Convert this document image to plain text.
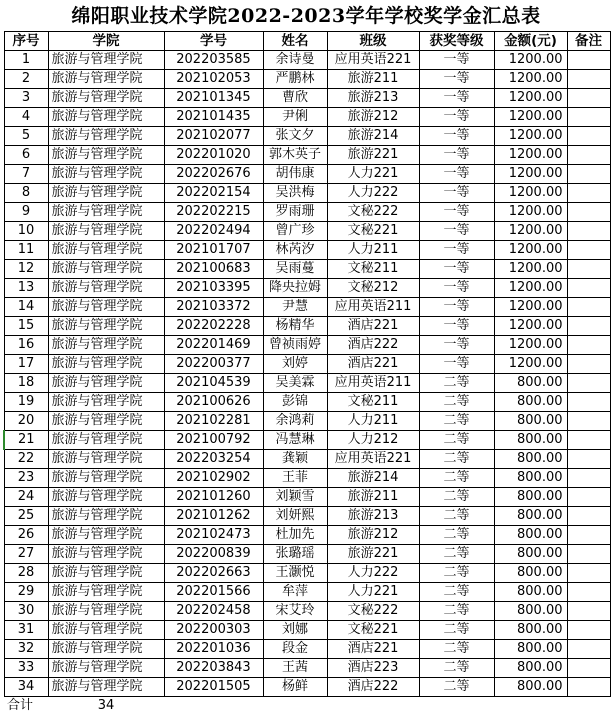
绵阳职业技术学院2022-2023学年学校奖学金汇总表
序号	学院	学号	姓名	班级	获奖等级	金额(元)	备注
1	旅游与管理学院	202203585	余诗曼	应用英语221	一等	1200.00	
2	旅游与管理学院	202102053	严鹏林	旅游211	一等	1200.00	
3	旅游与管理学院	202101345	曹欣	旅游213	一等	1200.00	
4	旅游与管理学院	202101435	尹俐	旅游212	一等	1200.00	
5	旅游与管理学院	202102077	张文夕	旅游214	一等	1200.00	
6	旅游与管理学院	202201020	郭木英子	旅游221	一等	1200.00	
7	旅游与管理学院	202202676	胡伟康	人力221	一等	1200.00	
8	旅游与管理学院	202202154	吴洪梅	人力222	一等	1200.00	
9	旅游与管理学院	202202215	罗雨珊	文秘222	一等	1200.00	
10	旅游与管理学院	202202494	曾广珍	文秘221	一等	1200.00	
11	旅游与管理学院	202101707	林芮汐	人力211	一等	1200.00	
12	旅游与管理学院	202100683	吴雨蔓	文秘211	一等	1200.00	
13	旅游与管理学院	202103395	降央拉姆	文秘212	一等	1200.00	
14	旅游与管理学院	202103372	尹慧	应用英语211	一等	1200.00	
15	旅游与管理学院	202202228	杨精华	酒店221	一等	1200.00	
16	旅游与管理学院	202201469	曾祯雨婷	酒店222	一等	1200.00	
17	旅游与管理学院	202200377	刘婷	酒店221	一等	1200.00	
18	旅游与管理学院	202104539	吴美霖	应用英语211	二等	800.00	
19	旅游与管理学院	202100626	彭锦	文秘211	二等	800.00	
20	旅游与管理学院	202102281	余鸿莉	人力211	二等	800.00	
21	旅游与管理学院	202100792	冯慧琳	人力212	二等	800.00	
22	旅游与管理学院	202203254	龚颖	应用英语221	二等	800.00	
23	旅游与管理学院	202102902	王菲	旅游214	二等	800.00	
24	旅游与管理学院	202101260	刘颖雪	旅游211	二等	800.00	
25	旅游与管理学院	202101262	刘妍熙	旅游213	二等	800.00	
26	旅游与管理学院	202102473	杜加先	旅游212	二等	800.00	
27	旅游与管理学院	202200839	张璐瑶	旅游221	二等	800.00	
28	旅游与管理学院	202202663	王灏悦	人力222	二等	800.00	
29	旅游与管理学院	202201566	牟萍	人力221	二等	800.00	
30	旅游与管理学院	202202458	宋艾玲	文秘222	二等	800.00	
31	旅游与管理学院	202200303	刘娜	文秘221	二等	800.00	
32	旅游与管理学院	202201036	段金	酒店221	二等	800.00	
33	旅游与管理学院	202203843	王茜	酒店223	二等	800.00	
34	旅游与管理学院	202201505	杨鲜	酒店222	二等	800.00	
合计	34						
